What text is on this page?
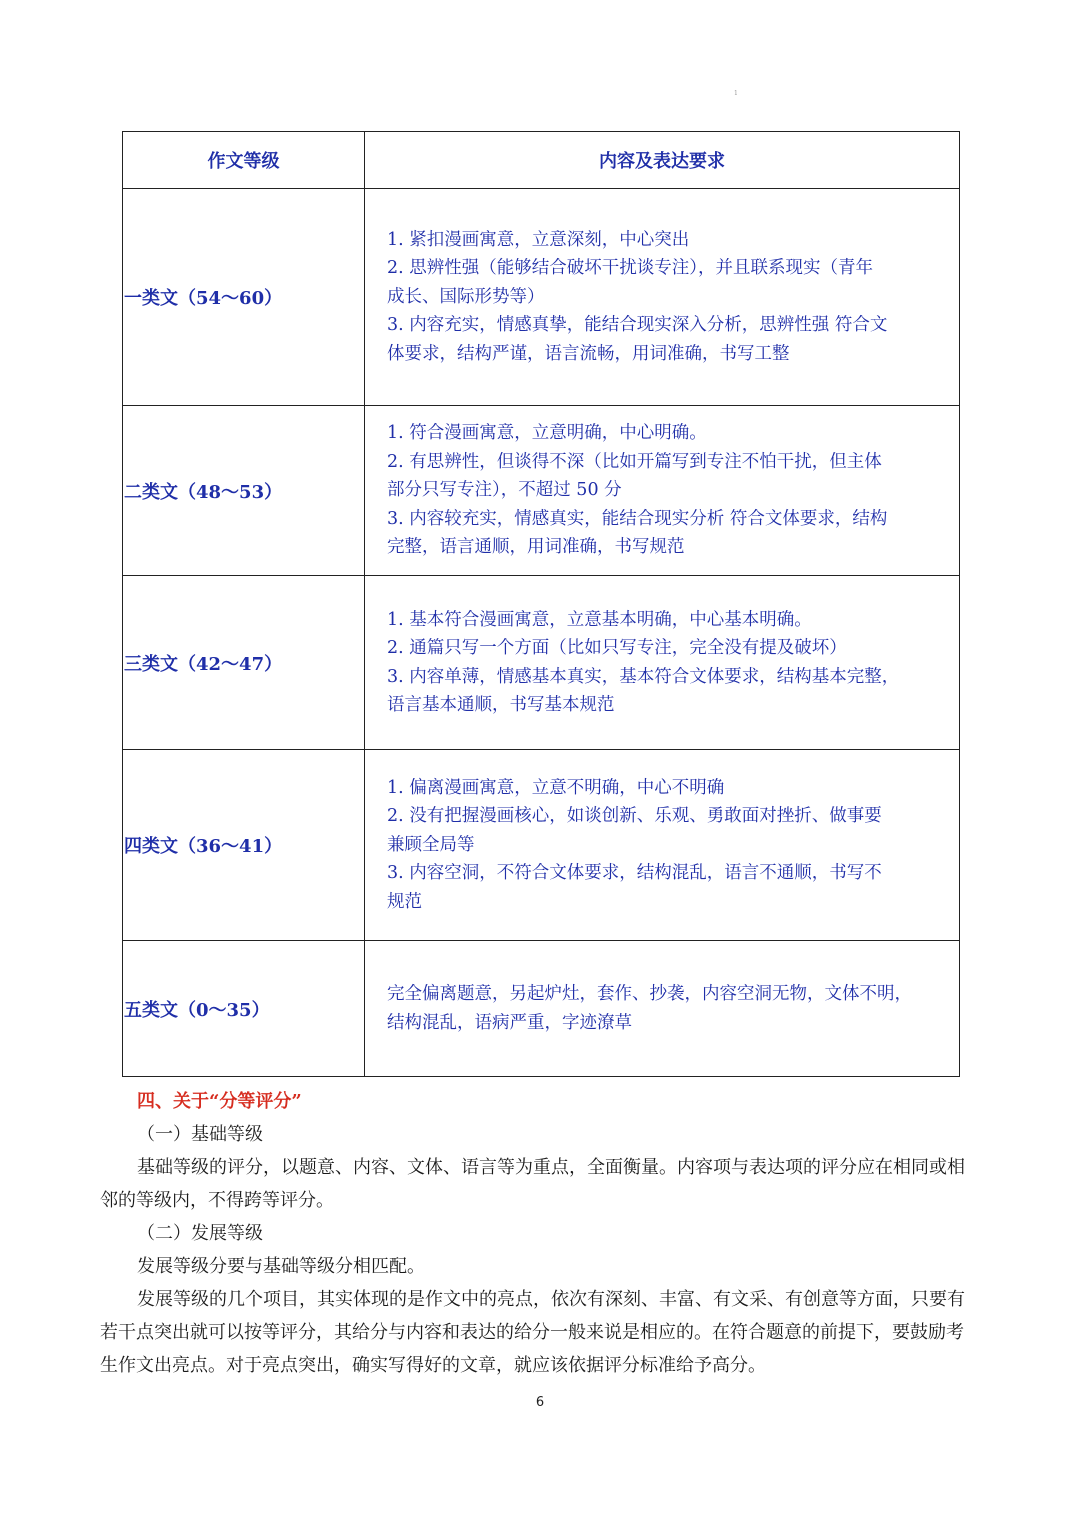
1
作文等级	内容及表达要求
一类文（54～60）	1. 紧扣漫画寓意，立意深刻，中心突出
2. 思辨性强（能够结合破坏干扰谈专注），并且联系现实（青年
成长、国际形势等）
3. 内容充实，情感真挚，能结合现实深入分析，思辨性强 符合文
体要求，结构严谨，语言流畅，用词准确，书写工整

二类文（48～53）	1. 符合漫画寓意，立意明确，中心明确。
2. 有思辨性，但谈得不深（比如开篇写到专注不怕干扰，但主体
部分只写专注），不超过 50 分
3. 内容较充实，情感真实，能结合现实分析 符合文体要求，结构
完整，语言通顺，用词准确，书写规范

三类文（42～47）	1. 基本符合漫画寓意，立意基本明确，中心基本明确。
2. 通篇只写一个方面（比如只写专注，完全没有提及破坏）
3. 内容单薄，情感基本真实，基本符合文体要求，结构基本完整，
语言基本通顺，书写基本规范

四类文（36～41）	1. 偏离漫画寓意，立意不明确，中心不明确
2. 没有把握漫画核心，如谈创新、乐观、勇敢面对挫折、做事要
兼顾全局等
3. 内容空洞，不符合文体要求，结构混乱，语言不通顺，书写不
规范

五类文（0～35）	完全偏离题意，另起炉灶，套作、抄袭，内容空洞无物，文体不明，
结构混乱，语病严重，字迹潦草
四、关于“分等评分”
（一）基础等级
基础等级的评分，以题意、内容、文体、语言等为重点，全面衡量。内容项与表达项的评分应在相同或相邻的等级内，不得跨等评分。
（二）发展等级
发展等级分要与基础等级分相匹配。
发展等级的几个项目，其实体现的是作文中的亮点，依次有深刻、丰富、有文采、有创意等方面，只要有若干点突出就可以按等评分，其给分与内容和表达的给分一般来说是相应的。在符合题意的前提下，要鼓励考生作文出亮点。对于亮点突出，确实写得好的文章，就应该依据评分标准给予高分。
6
